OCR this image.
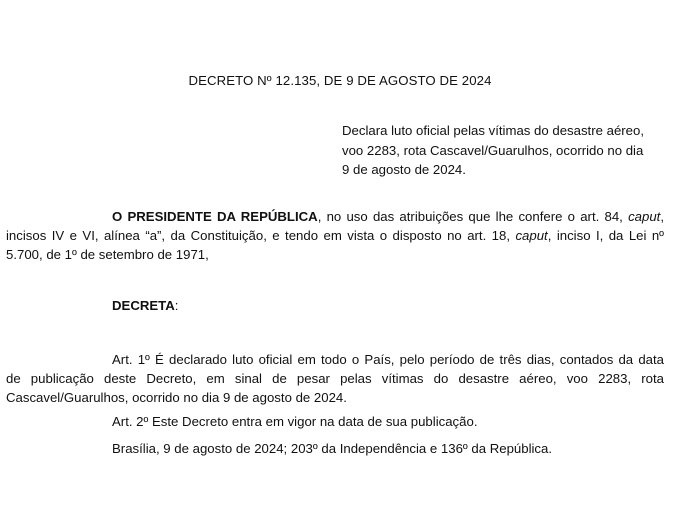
DECRETO Nº 12.135, DE 9 DE AGOSTO DE 2024
Declara luto oficial pelas vítimas do desastre aéreo,
voo 2283, rota Cascavel/Guarulhos, ocorrido no dia
9 de agosto de 2024.
O PRESIDENTE DA REPÚBLICA, no uso das atribuições que lhe confere o art. 84, caput,
incisos IV e VI, alínea “a”, da Constituição, e tendo em vista o disposto no art. 18, caput, inciso I, da Lei nº
5.700, de 1º de setembro de 1971,
DECRETA:
Art. 1º É declarado luto oficial em todo o País, pelo período de três dias, contados da data
de publicação deste Decreto, em sinal de pesar pelas vítimas do desastre aéreo, voo 2283, rota
Cascavel/Guarulhos, ocorrido no dia 9 de agosto de 2024.
Art. 2º Este Decreto entra em vigor na data de sua publicação.
Brasília, 9 de agosto de 2024; 203º da Independência e 136º da República.
